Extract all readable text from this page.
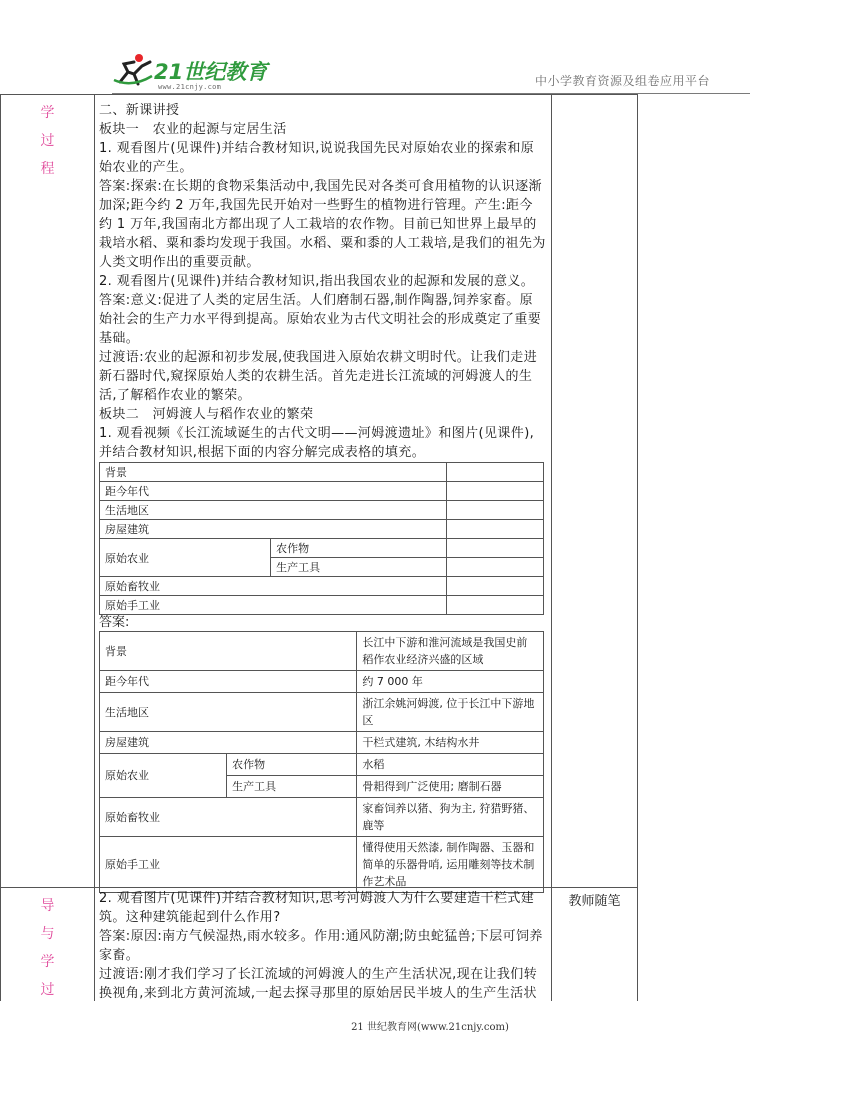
21世纪教育
www.21cnjy.com	中小学教育资源及组卷应用平台
学
过
程

二、新课讲授

板块一　农业的起源与定居生活

1. 观看图片(见课件)并结合教材知识,说说我国先民对原始农业的探索和原始农业的产生。

答案:探索:在长期的食物采集活动中,我国先民对各类可食用植物的认识逐渐加深;距今约 2 万年,我国先民开始对一些野生的植物进行管理。产生:距今约 1 万年,我国南北方都出现了人工栽培的农作物。目前已知世界上最早的栽培水稻、粟和黍均发现于我国。水稻、粟和黍的人工栽培,是我们的祖先为人类文明作出的重要贡献。

2. 观看图片(见课件)并结合教材知识,指出我国农业的起源和发展的意义。

答案:意义:促进了人类的定居生活。人们磨制石器,制作陶器,饲养家畜。原始社会的生产力水平得到提高。原始农业为古代文明社会的形成奠定了重要基础。

过渡语:农业的起源和初步发展,使我国进入原始农耕文明时代。让我们走进新石器时代,窥探原始人类的农耕生活。首先走进长江流域的河姆渡人的生活,了解稻作农业的繁荣。

板块二　河姆渡人与稻作农业的繁荣

1. 观看视频《长江流域诞生的古代文明——河姆渡遗址》和图片(见课件),并结合教材知识,根据下面的内容分解完成表格的填充。

背景		
距今年代		
生活地区		
房屋建筑		
原始农业	农作物	
	生产工具	
原始畜牧业		
原始手工业		

答案:

背景		长江中下游和淮河流域是我国史前稻作农业经济兴盛的区域
距今年代		约 7 000 年
生活地区		浙江余姚河姆渡, 位于长江中下游地区
房屋建筑		干栏式建筑, 木结构水井
原始农业	农作物	水稻
	生产工具	骨耜得到广泛使用; 磨制石器
原始畜牧业		家畜饲养以猪、狗为主, 狩猎野猪、鹿等
原始手工业		懂得使用天然漆, 制作陶器、玉器和简单的乐器骨哨, 运用雕刻等技术制作艺术品
导
与
学
过

2. 观看图片(见课件)并结合教材知识,思考河姆渡人为什么要建造干栏式建筑。这种建筑能起到什么作用?

答案:原因:南方气候湿热,雨水较多。作用:通风防潮;防虫蛇猛兽;下层可饲养家畜。

过渡语:刚才我们学习了长江流域的河姆渡人的生产生活状况,现在让我们转换视角,来到北方黄河流域,一起去探寻那里的原始居民半坡人的生产生活状

教师随笔
21 世纪教育网(www.21cnjy.com)
